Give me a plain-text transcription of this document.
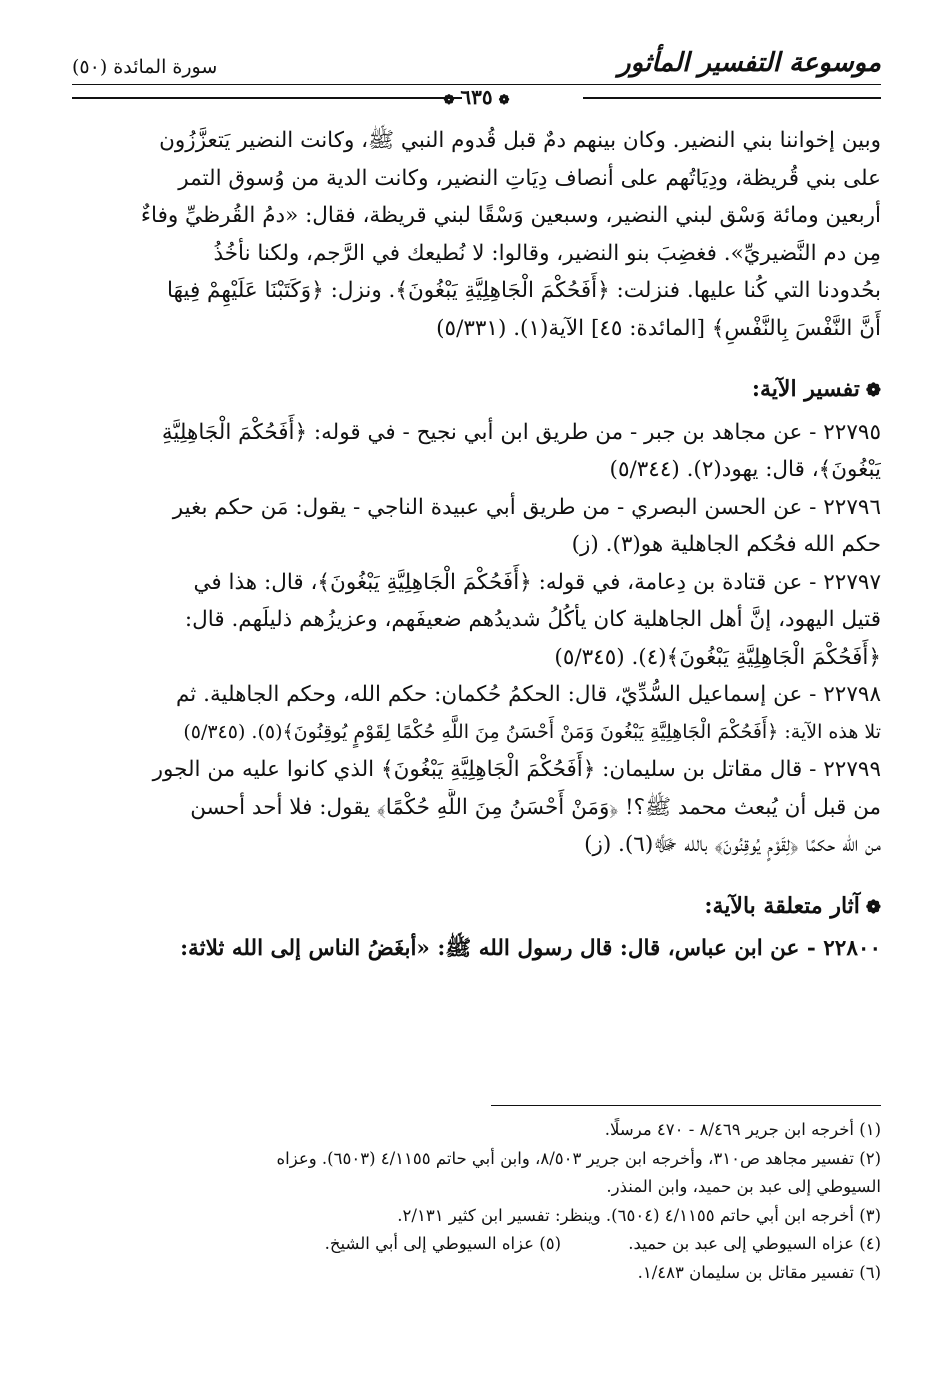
موسوعة التفسير المأثور
سورة المائدة (٥٠)
❁٦٣٥❁

وبين إخواننا بني النضير. وكان بينهم دمٌ قبل قُدوم النبي ﷺ، وكانت النضير يَتعزَّزُون
على بني قُريظة، ودِيَاتُهم على أنصاف دِيَاتِ النضير، وكانت الدية من وُسوق التمر
أربعين ومائة وَسْق لبني النضير، وسبعين وَسْقًا لبني قريظة، فقال: «دمُ القُرظيِّ وفاءٌ
مِن دم النَّضيريِّ». فغضِبَ بنو النضير، وقالوا: لا نُطيعك في الرَّجم، ولكنا نأخُذُ
بحُدودنا التي كُنا عليها. فنزلت: ﴿أَفَحُكْمَ الْجَاهِلِيَّةِ يَبْغُونَ﴾. ونزل: ﴿وَكَتَبْنَا عَلَيْهِمْ فِيهَا
أَنَّ النَّفْسَ بِالنَّفْسِ﴾ [المائدة: ٤٥] الآية(١). (٥/٣٣١)

❁تفسير الآية:

٢٢٧٩٥ - عن مجاهد بن جبر - من طريق ابن أبي نجيح - في قوله: ﴿أَفَحُكْمَ الْجَاهِلِيَّةِ
يَبْغُونَ﴾، قال: يهود(٢). (٥/٣٤٤)

٢٢٧٩٦ - عن الحسن البصري - من طريق أبي عبيدة الناجي - يقول: مَن حكم بغير
حكم الله فحُكم الجاهلية هو(٣). (ز)

٢٢٧٩٧ - عن قتادة بن دِعامة، في قوله: ﴿أَفَحُكْمَ الْجَاهِلِيَّةِ يَبْغُونَ﴾، قال: هذا في
قتيل اليهود، إنَّ أهل الجاهلية كان يأكُلُ شديدُهم ضعيفَهم، وعزيزُهم ذليلَهم. قال:
﴿أَفَحُكْمَ الْجَاهِلِيَّةِ يَبْغُونَ﴾(٤). (٥/٣٤٥)

٢٢٧٩٨ - عن إسماعيل السُّدِّيّ، قال: الحكمُ حُكمان: حكم الله، وحكم الجاهلية. ثم
تلا هذه الآية: ﴿أَفَحُكْمَ الْجَاهِلِيَّةِ يَبْغُونَ وَمَنْ أَحْسَنُ مِنَ اللَّهِ حُكْمًا لِقَوْمٍ يُوقِنُونَ﴾(٥). (٥/٣٤٥)

٢٢٧٩٩ - قال مقاتل بن سليمان: ﴿أَفَحُكْمَ الْجَاهِلِيَّةِ يَبْغُونَ﴾ الذي كانوا عليه من الجور
من قبل أن يُبعث محمد ﷺ؟! ﴿وَمَنْ أَحْسَنُ مِنَ اللَّهِ حُكْمًا﴾ يقول: فلا أحد أحسن
من الله حكمًا ﴿لِقَوْمٍ يُوقِنُونَ﴾ بالله ﷻ(٦). (ز)

❁آثار متعلقة بالآية:

٢٢٨٠٠ - عن ابن عباس، قال: قال رسول الله ﷺ: «أبغَضُ الناس إلى الله ثلاثة:

(١) أخرجه ابن جرير ٨/٤٦٩ - ٤٧٠ مرسلًا.

(٢) تفسير مجاهد ص٣١٠، وأخرجه ابن جرير ٨/٥٠٣، وابن أبي حاتم ٤/١١٥٥ (٦٥٠٣). وعزاه

السيوطي إلى عبد بن حميد، وابن المنذر.

(٣) أخرجه ابن أبي حاتم ٤/١١٥٥ (٦٥٠٤). وينظر: تفسير ابن كثير ٢/١٣١.

(٤) عزاه السيوطي إلى عبد بن حميد.
(٥) عزاه السيوطي إلى أبي الشيخ.

(٦) تفسير مقاتل بن سليمان ١/٤٨٣.
